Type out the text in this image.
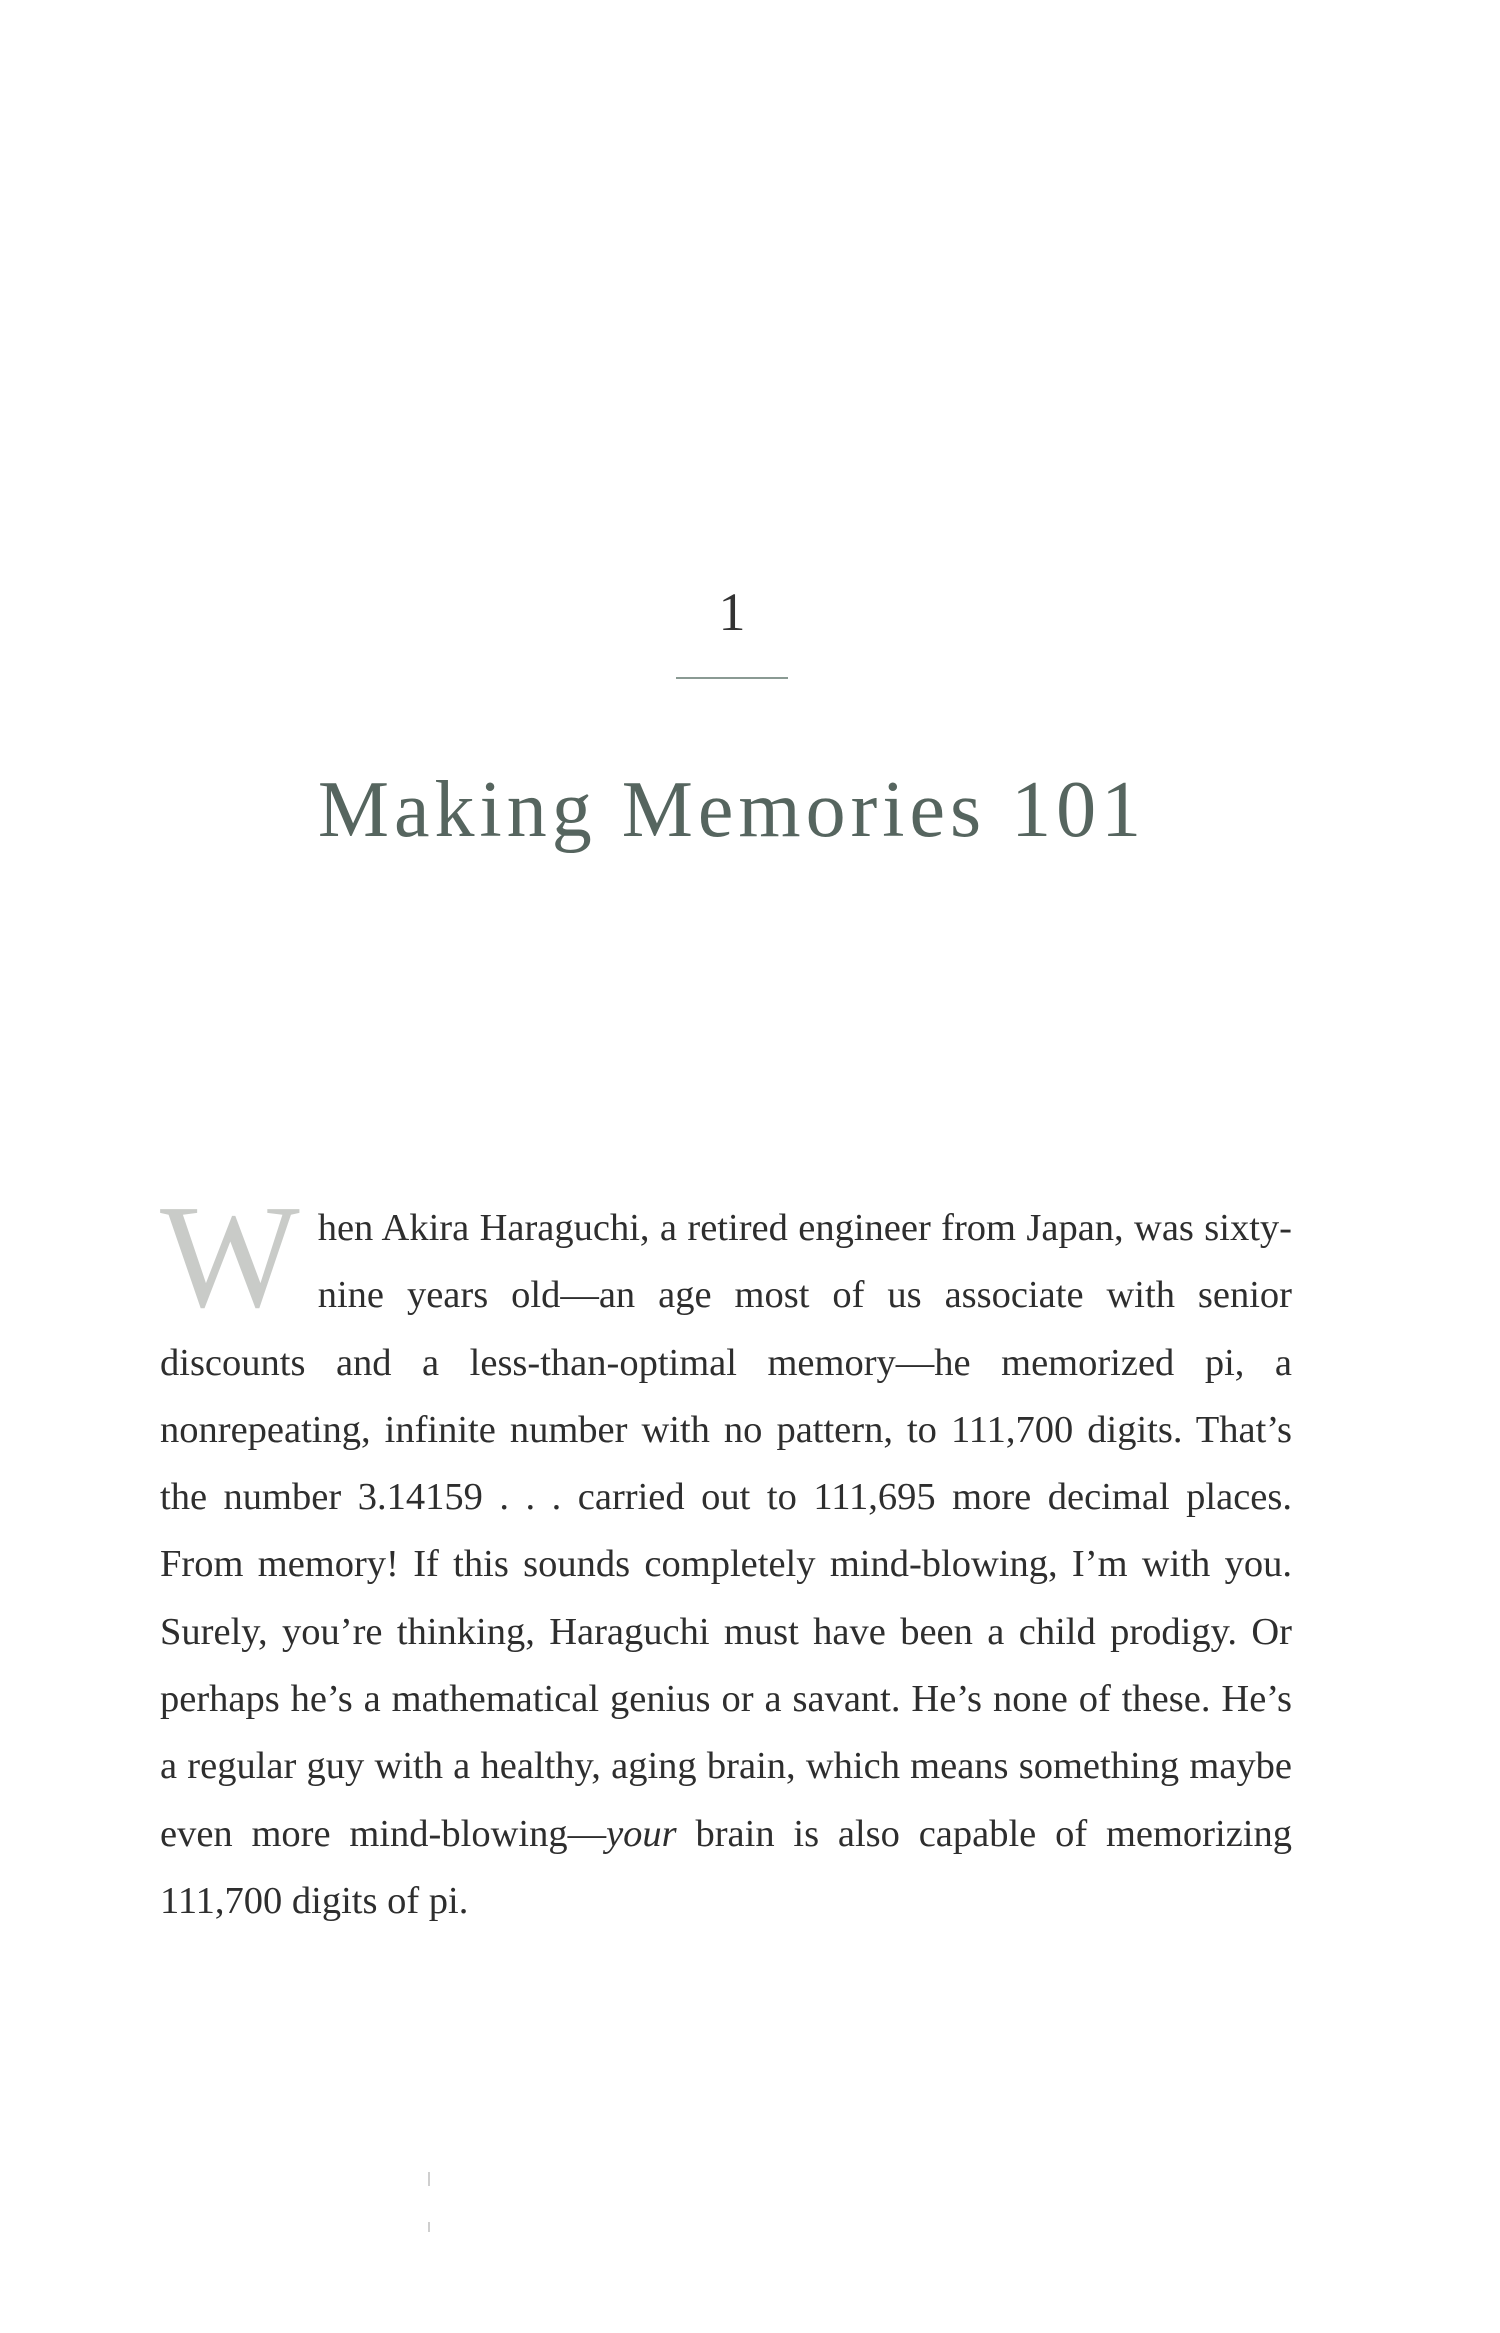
1
Making Memories 101

When Akira Haraguchi, a retired engineer from Japan, was sixty-nine years old—an age most of us associate with senior discounts and a less-than-optimal memory—he memorized pi, a nonrepeating, infinite number with no pattern, to 111,700 digits. That’s the number 3.14159 . . . carried out to 111,695 more decimal places. From memory! If this sounds completely mind-blowing, I’m with you. Surely, you’re thinking, Haraguchi must have been a child prodigy. Or perhaps he’s a mathematical genius or a savant. He’s none of these. He’s a regular guy with a healthy, aging brain, which means something maybe even more mind-blowing—your brain is also capable of memorizing 111,700 digits of pi.
